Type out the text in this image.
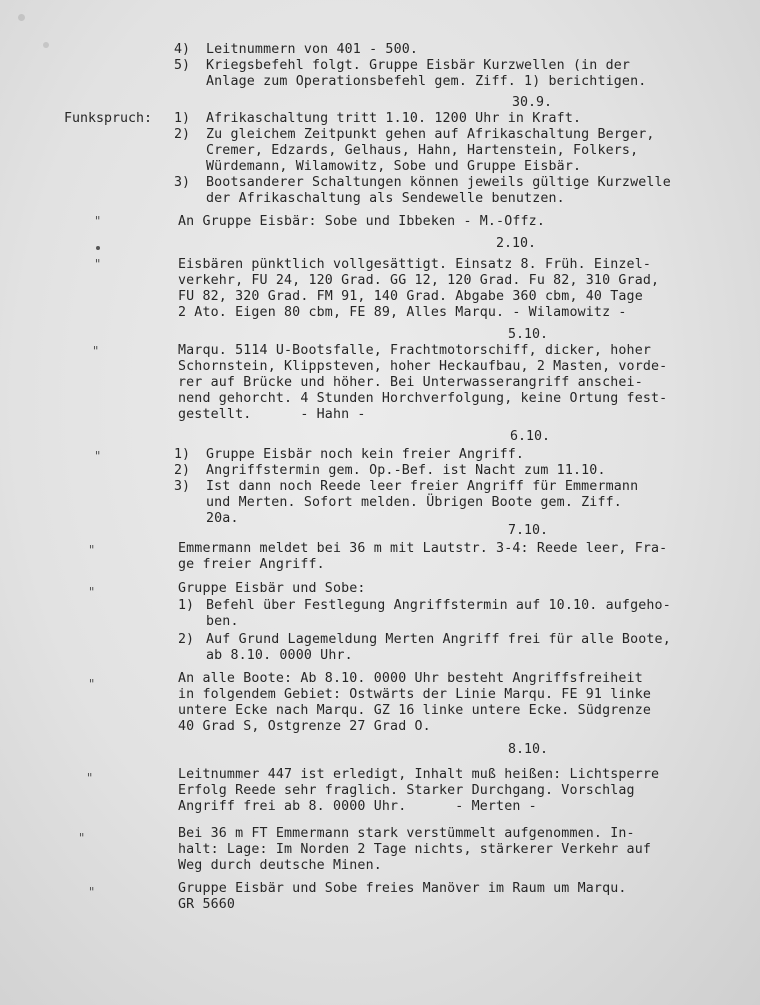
4) Leitnummern von 401 - 500.
5) Kriegsbefehl folgt. Gruppe Eisbär Kurzwellen (in der
Anlage zum Operationsbefehl gem. Ziff. 1) berichtigen.
30.9.
Funkspruch: 1) Afrikaschaltung tritt 1.10. 1200 Uhr in Kraft.
2) Zu gleichem Zeitpunkt gehen auf Afrikaschaltung Berger,
Cremer, Edzards, Gelhaus, Hahn, Hartenstein, Folkers,
Würdemann, Wilamowitz, Sobe und Gruppe Eisbär.
3) Bootsanderer Schaltungen können jeweils gültige Kurzwelle
der Afrikaschaltung als Sendewelle benutzen.
"	An Gruppe Eisbär: Sobe und Ibbeken - M.-Offz.
2.10.
"	Eisbären pünktlich vollgesättigt. Einsatz 8. Früh. Einzel-
verkehr, FU 24, 120 Grad. GG 12, 120 Grad. Fu 82, 310 Grad,
FU 82, 320 Grad. FM 91, 140 Grad. Abgabe 360 cbm, 40 Tage
2 Ato. Eigen 80 cbm, FE 89, Alles Marqu. - Wilamowitz -
5.10.
"	Marqu. 5114 U-Bootsfalle, Frachtmotorschiff, dicker, hoher
Schornstein, Klippsteven, hoher Heckaufbau, 2 Masten, vorde-
rer auf Brücke und höher. Bei Unterwasserangriff anschei-
nend gehorcht. 4 Stunden Horchverfolgung, keine Ortung fest-
gestellt.      - Hahn -
6.10.
"	1) Gruppe Eisbär noch kein freier Angriff.
2) Angriffstermin gem. Op.-Bef. ist Nacht zum 11.10.
3) Ist dann noch Reede leer freier Angriff für Emmermann
und Merten. Sofort melden. Übrigen Boote gem. Ziff.
20a.
7.10.
"	Emmermann meldet bei 36 m mit Lautstr. 3-4: Reede leer, Fra-
ge freier Angriff.
"	Gruppe Eisbär und Sobe:
1) Befehl über Festlegung Angriffstermin auf 10.10. aufgeho-
ben.
2) Auf Grund Lagemeldung Merten Angriff frei für alle Boote,
ab 8.10. 0000 Uhr.
"	An alle Boote: Ab 8.10. 0000 Uhr besteht Angriffsfreiheit
in folgendem Gebiet: Ostwärts der Linie Marqu. FE 91 linke
untere Ecke nach Marqu. GZ 16 linke untere Ecke. Südgrenze
40 Grad S, Ostgrenze 27 Grad O.
8.10.
"	Leitnummer 447 ist erledigt, Inhalt muß heißen: Lichtsperre
Erfolg Reede sehr fraglich. Starker Durchgang. Vorschlag
Angriff frei ab 8. 0000 Uhr.      - Merten -
"	Bei 36 m FT Emmermann stark verstümmelt aufgenommen. In-
halt: Lage: Im Norden 2 Tage nichts, stärkerer Verkehr auf
Weg durch deutsche Minen.
"	Gruppe Eisbär und Sobe freies Manöver im Raum um Marqu.
GR 5660
